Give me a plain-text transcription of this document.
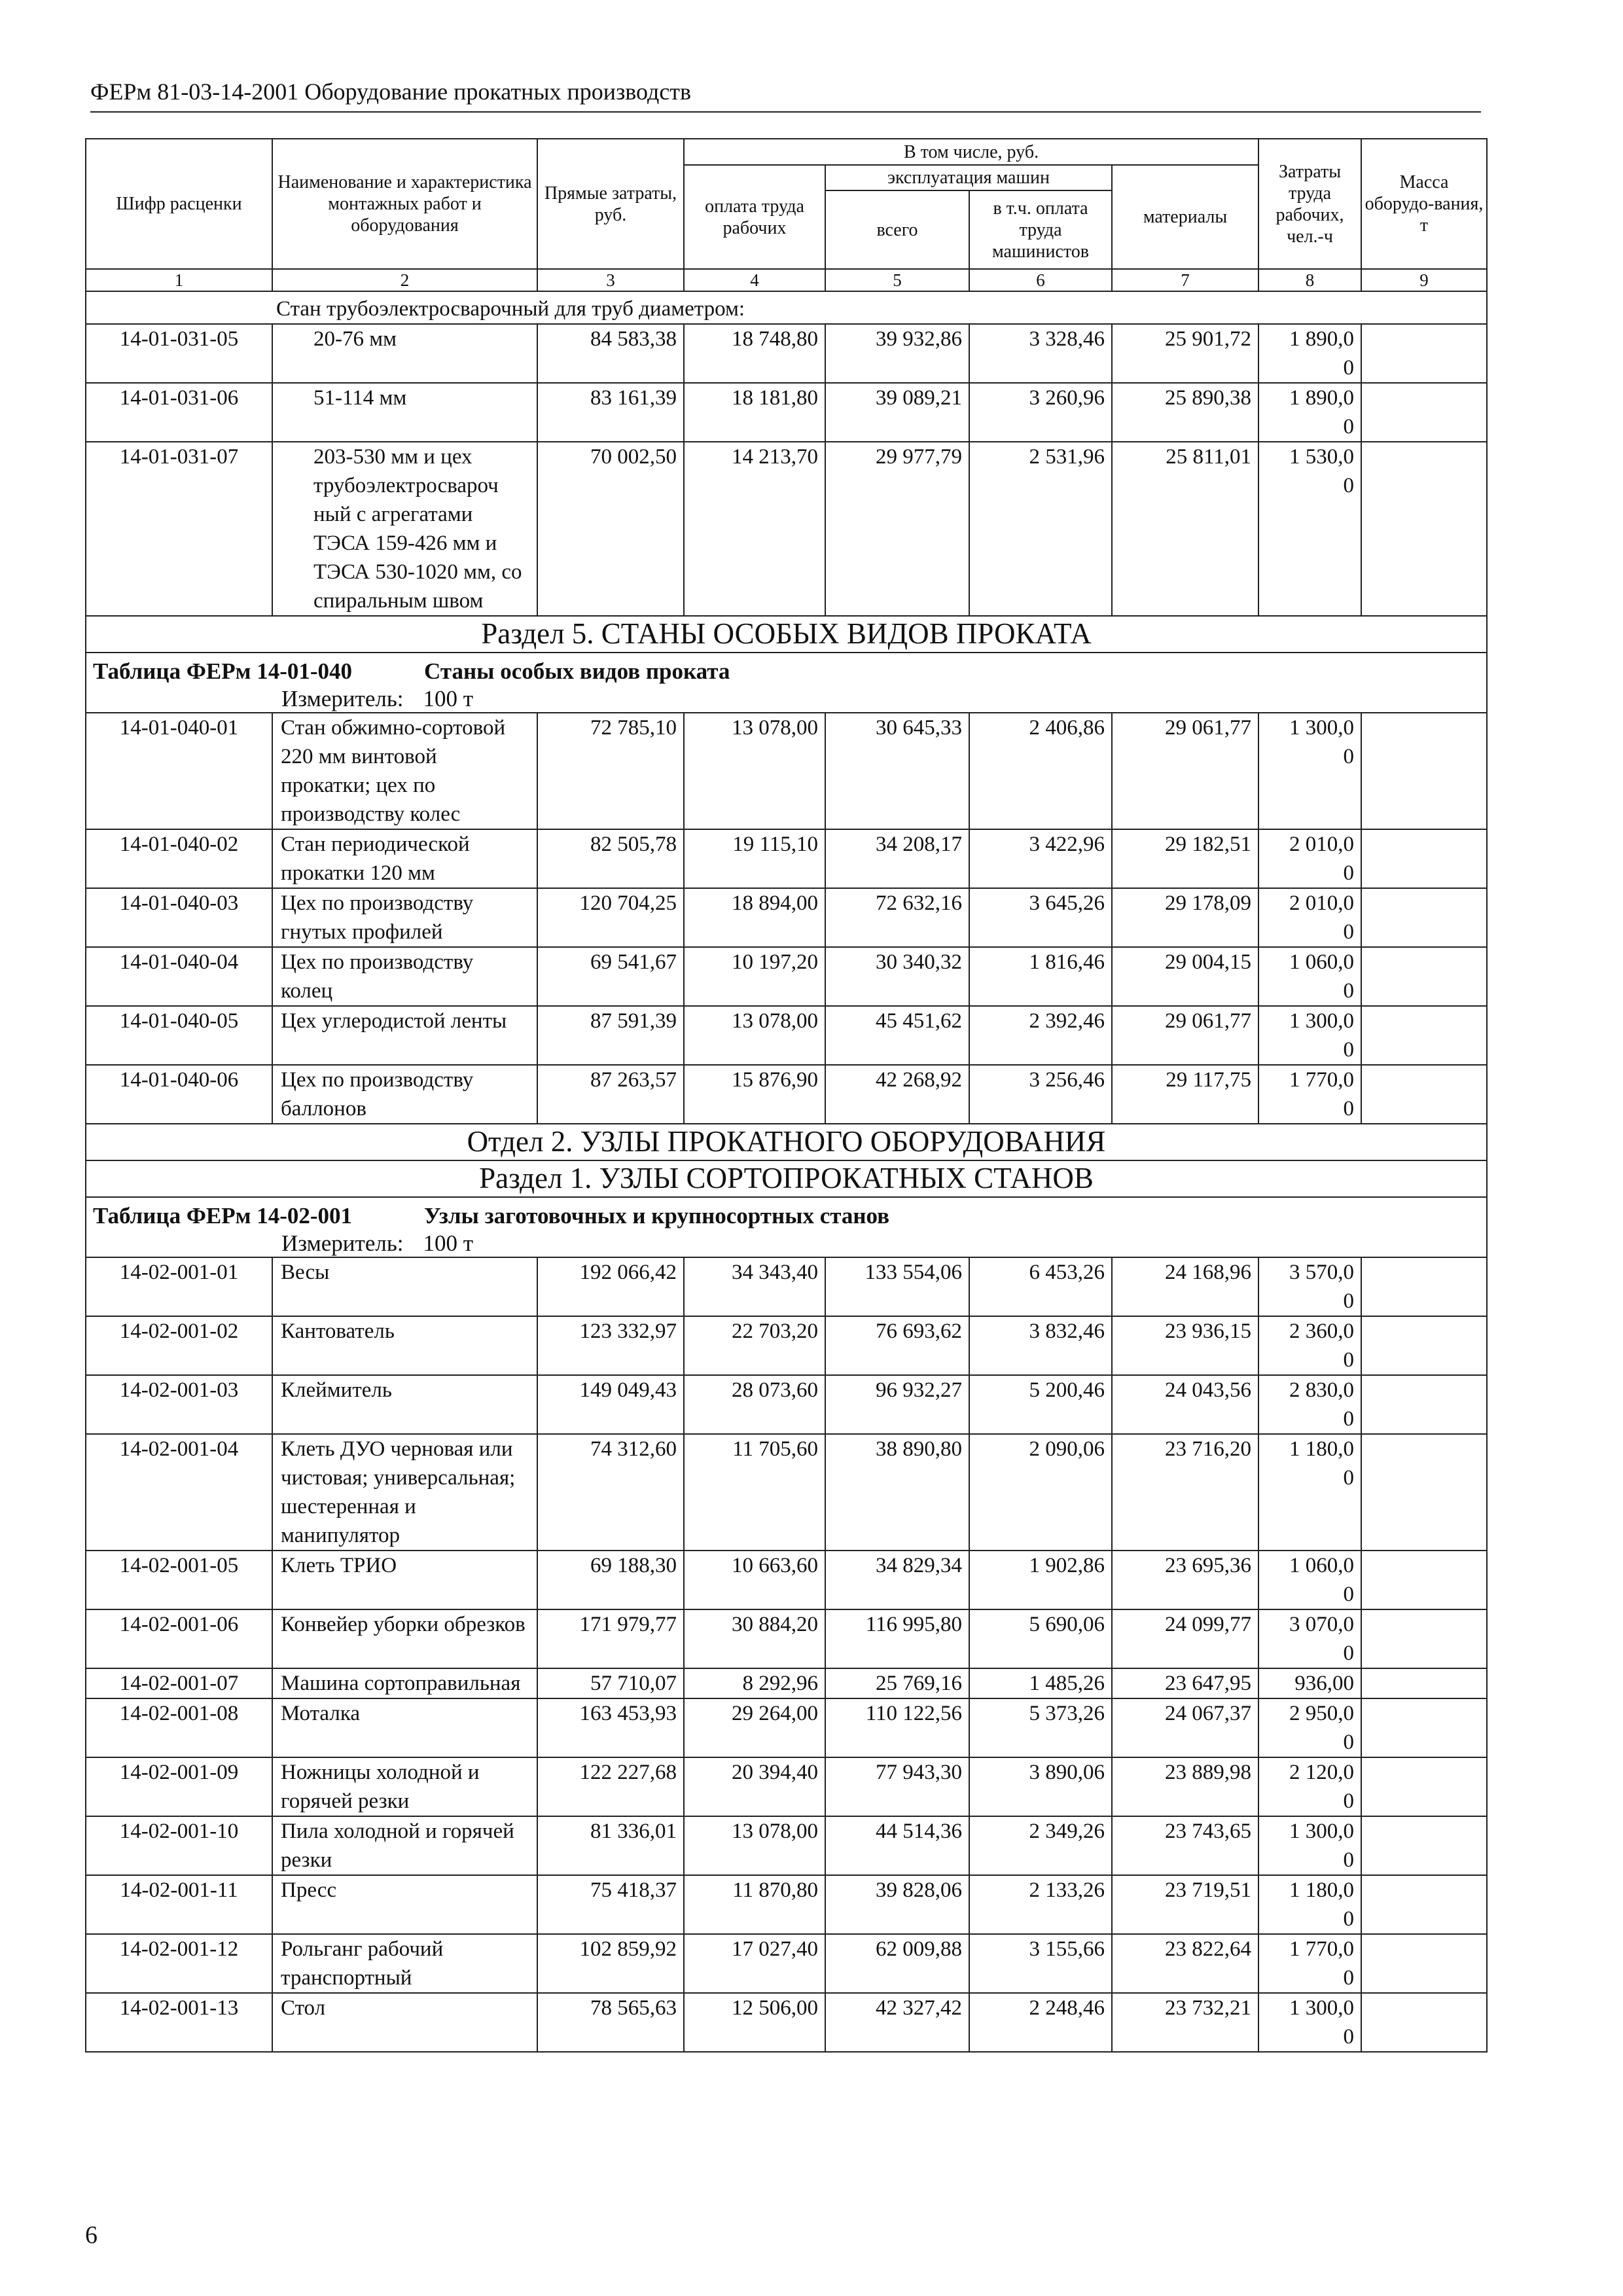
ФЕРм 81-03-14-2001 Оборудование прокатных производств
Шифр расценки	Наименование и характеристика монтажных работ и оборудования	Прямые затраты, руб.	В том числе, руб.				Затраты труда рабочих, чел.-ч	Масса оборудо-вания, т
			оплата труда рабочих	эксплуатация машин		материалы		
				всего	в т.ч. оплата труда машинистов			

1	2	3	4	5	6	7	8	9
Стан трубоэлектросварочный для труб диаметром:								
14-01-031-05	20-76 мм	84 583,38	18 748,80	39 932,86	3 328,46	25 901,72	1 890,0
0	

14-01-031-06	51-114 мм	83 161,39	18 181,80	39 089,21	3 260,96	25 890,38	1 890,0
0	

14-01-031-07	203-530 мм и цех трубоэлектросвароч ный с агрегатами ТЭСА 159-426 мм и ТЭСА 530-1020 мм, со спиральным швом	70 002,50	14 213,70	29 977,79	2 531,96	25 811,01	1 530,0
0	

Раздел 5. СТАНЫ ОСОБЫХ ВИДОВ ПРОКАТА								
Таблица ФЕРм 14-01-040 Станы особых видов проката
Измеритель: 100 т								

14-01-040-01	Стан обжимно-сортовой 220 мм винтовой прокатки; цех по производству колес	72 785,10	13 078,00	30 645,33	2 406,86	29 061,77	1 300,0
0	

14-01-040-02	Стан периодической прокатки 120 мм	82 505,78	19 115,10	34 208,17	3 422,96	29 182,51	2 010,0
0	

14-01-040-03	Цех по производству гнутых профилей	120 704,25	18 894,00	72 632,16	3 645,26	29 178,09	2 010,0
0	

14-01-040-04	Цех по производству колец	69 541,67	10 197,20	30 340,32	1 816,46	29 004,15	1 060,0
0	

14-01-040-05	Цех углеродистой ленты	87 591,39	13 078,00	45 451,62	2 392,46	29 061,77	1 300,0
0	

14-01-040-06	Цех по производству баллонов	87 263,57	15 876,90	42 268,92	3 256,46	29 117,75	1 770,0
0	

Отдел 2. УЗЛЫ ПРОКАТНОГО ОБОРУДОВАНИЯ								
Раздел 1. УЗЛЫ СОРТОПРОКАТНЫХ СТАНОВ								
Таблица ФЕРм 14-02-001 Узлы заготовочных и крупносортных станов
Измеритель: 100 т								

14-02-001-01	Весы	192 066,42	34 343,40	133 554,06	6 453,26	24 168,96	3 570,0
0	

14-02-001-02	Кантователь	123 332,97	22 703,20	76 693,62	3 832,46	23 936,15	2 360,0
0	

14-02-001-03	Клеймитель	149 049,43	28 073,60	96 932,27	5 200,46	24 043,56	2 830,0
0	

14-02-001-04	Клеть ДУО черновая или чистовая; универсальная; шестеренная и манипулятор	74 312,60	11 705,60	38 890,80	2 090,06	23 716,20	1 180,0
0	

14-02-001-05	Клеть ТРИО	69 188,30	10 663,60	34 829,34	1 902,86	23 695,36	1 060,0
0	

14-02-001-06	Конвейер уборки обрезков	171 979,77	30 884,20	116 995,80	5 690,06	24 099,77	3 070,0
0	

14-02-001-07	Машина сортоправильная	57 710,07	8 292,96	25 769,16	1 485,26	23 647,95	936,00	

14-02-001-08	Моталка	163 453,93	29 264,00	110 122,56	5 373,26	24 067,37	2 950,0
0	

14-02-001-09	Ножницы холодной и горячей резки	122 227,68	20 394,40	77 943,30	3 890,06	23 889,98	2 120,0
0	

14-02-001-10	Пила холодной и горячей резки	81 336,01	13 078,00	44 514,36	2 349,26	23 743,65	1 300,0
0	

14-02-001-11	Пресс	75 418,37	11 870,80	39 828,06	2 133,26	23 719,51	1 180,0
0	

14-02-001-12	Рольганг рабочий транспортный	102 859,92	17 027,40	62 009,88	3 155,66	23 822,64	1 770,0
0	

14-02-001-13	Стол	78 565,63	12 506,00	42 327,42	2 248,46	23 732,21	1 300,0
0	

6
